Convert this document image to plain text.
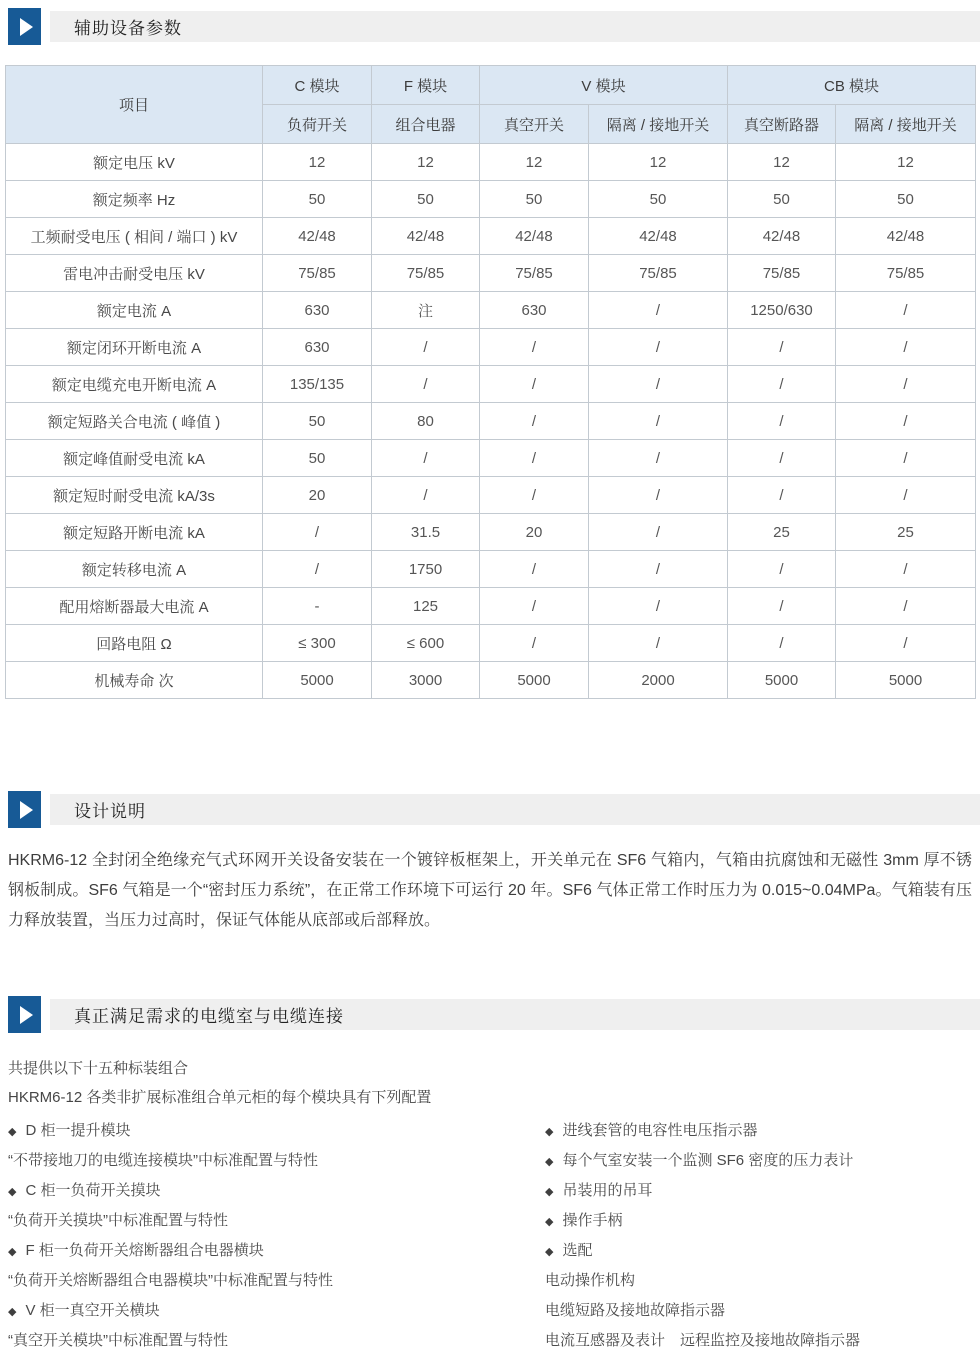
辅助设备参数
项目	C 模块	F 模块	V 模块		CB 模块	
	负荷开关	组合电器	真空开关	隔离 / 接地开关	真空断路器	隔离 / 接地开关
额定电压 kV	12	12	12	12	12	12
额定频率 Hz	50	50	50	50	50	50
工频耐受电压 ( 相间 / 端口 ) kV	42/48	42/48	42/48	42/48	42/48	42/48
雷电冲击耐受电压 kV	75/85	75/85	75/85	75/85	75/85	75/85
额定电流 A	630	注	630	/	1250/630	/
额定闭环开断电流 A	630	/	/	/	/	/
额定电缆充电开断电流 A	135/135	/	/	/	/	/
额定短路关合电流 ( 峰值 )	50	80	/	/	/	/
额定峰值耐受电流 kA	50	/	/	/	/	/
额定短时耐受电流 kA/3s	20	/	/	/	/	/
额定短路开断电流 kA	/	31.5	20	/	25	25
额定转移电流 A	/	1750	/	/	/	/
配用熔断器最大电流 A	-	125	/	/	/	/
回路电阻 Ω	≤ 300	≤ 600	/	/	/	/
机械寿命 次	5000	3000	5000	2000	5000	5000
设计说明
HKRM6-12 全封闭全绝缘充气式环网开关设备安装在一个镀锌板框架上，开关单元在 SF6 气箱内，气箱由抗腐蚀和无磁性 3mm 厚不锈钢板制成。SF6 气箱是一个“密封压力系统”，在正常工作环境下可运行 20 年。SF6 气体正常工作时压力为 0.015~0.04MPa。气箱装有压力释放装置，当压力过高时，保证气体能从底部或后部释放。
真正满足需求的电缆室与电缆连接
共提供以下十五种标装组合
HKRM6-12 各类非扩展标准组合单元柜的每个模块具有下列配置
◆ D 柜一提升模块
“不带接地刀的电缆连接模块”中标准配置与特性
◆ C 柜一负荷开关摸块
“负荷开关摸块”中标准配置与特性
◆ F 柜一负荷开关熔断器组合电器横块
“负荷开关熔断器组合电器模块”中标准配置与特性
◆ V 柜一真空开关横块
“真空开关模块”中标准配置与特性
◆ 进线套管的电容性电压指示器
◆ 每个气室安装一个监测 SF6 密度的压力表计
◆ 吊装用的吊耳
◆ 操作手柄
◆ 选配
电动操作机构
电缆短路及接地故障指示器
电流互感器及表计　远程监控及接地故障指示器
